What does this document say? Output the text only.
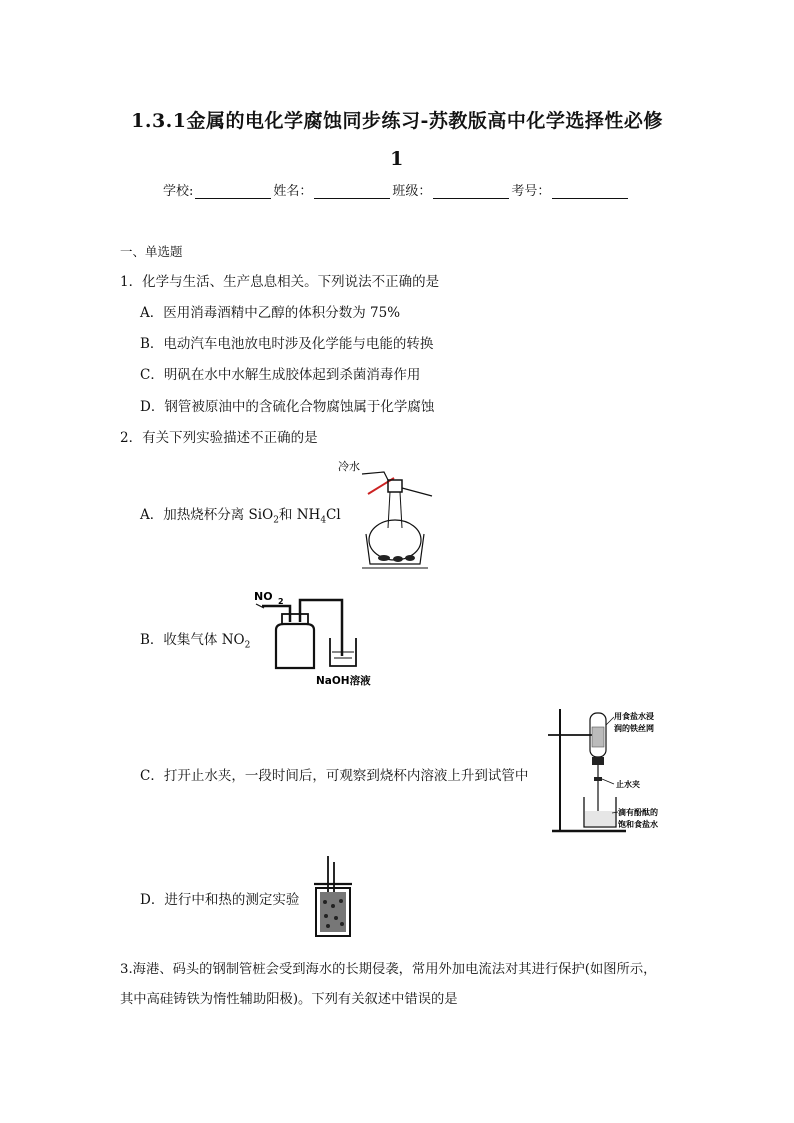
1.3.1金属的电化学腐蚀同步练习-苏教版高中化学选择性必修
1
学校:	姓名：	班级：	考号：
一、单选题
1．化学与生活、生产息息相关。下列说法不正确的是
A．医用消毒酒精中乙醇的体积分数为 75%
B．电动汽车电池放电时涉及化学能与电能的转换
C．明矾在水中水解生成胶体起到杀菌消毒作用
D．钢管被原油中的含硫化合物腐蚀属于化学腐蚀
2．有关下列实验描述不正确的是
A．加热烧杯分离 SiO$_2$和 $NH_4Cl$
冷水
B．收集气体 $NO_2$
NO 2
NaOH溶液
C．打开止水夹，一段时间后，可观察到烧杯内溶液上升到试管中
用食盐水浸
润的铁丝网
止水夹
滴有酚酞的
饱和食盐水
D．进行中和热的测定实验
3.海港、码头的钢制管桩会受到海水的长期侵袭，常用外加电流法对其进行保护(如图所示，
其中高硅铸铁为惰性辅助阳极)。下列有关叙述中错误的是
